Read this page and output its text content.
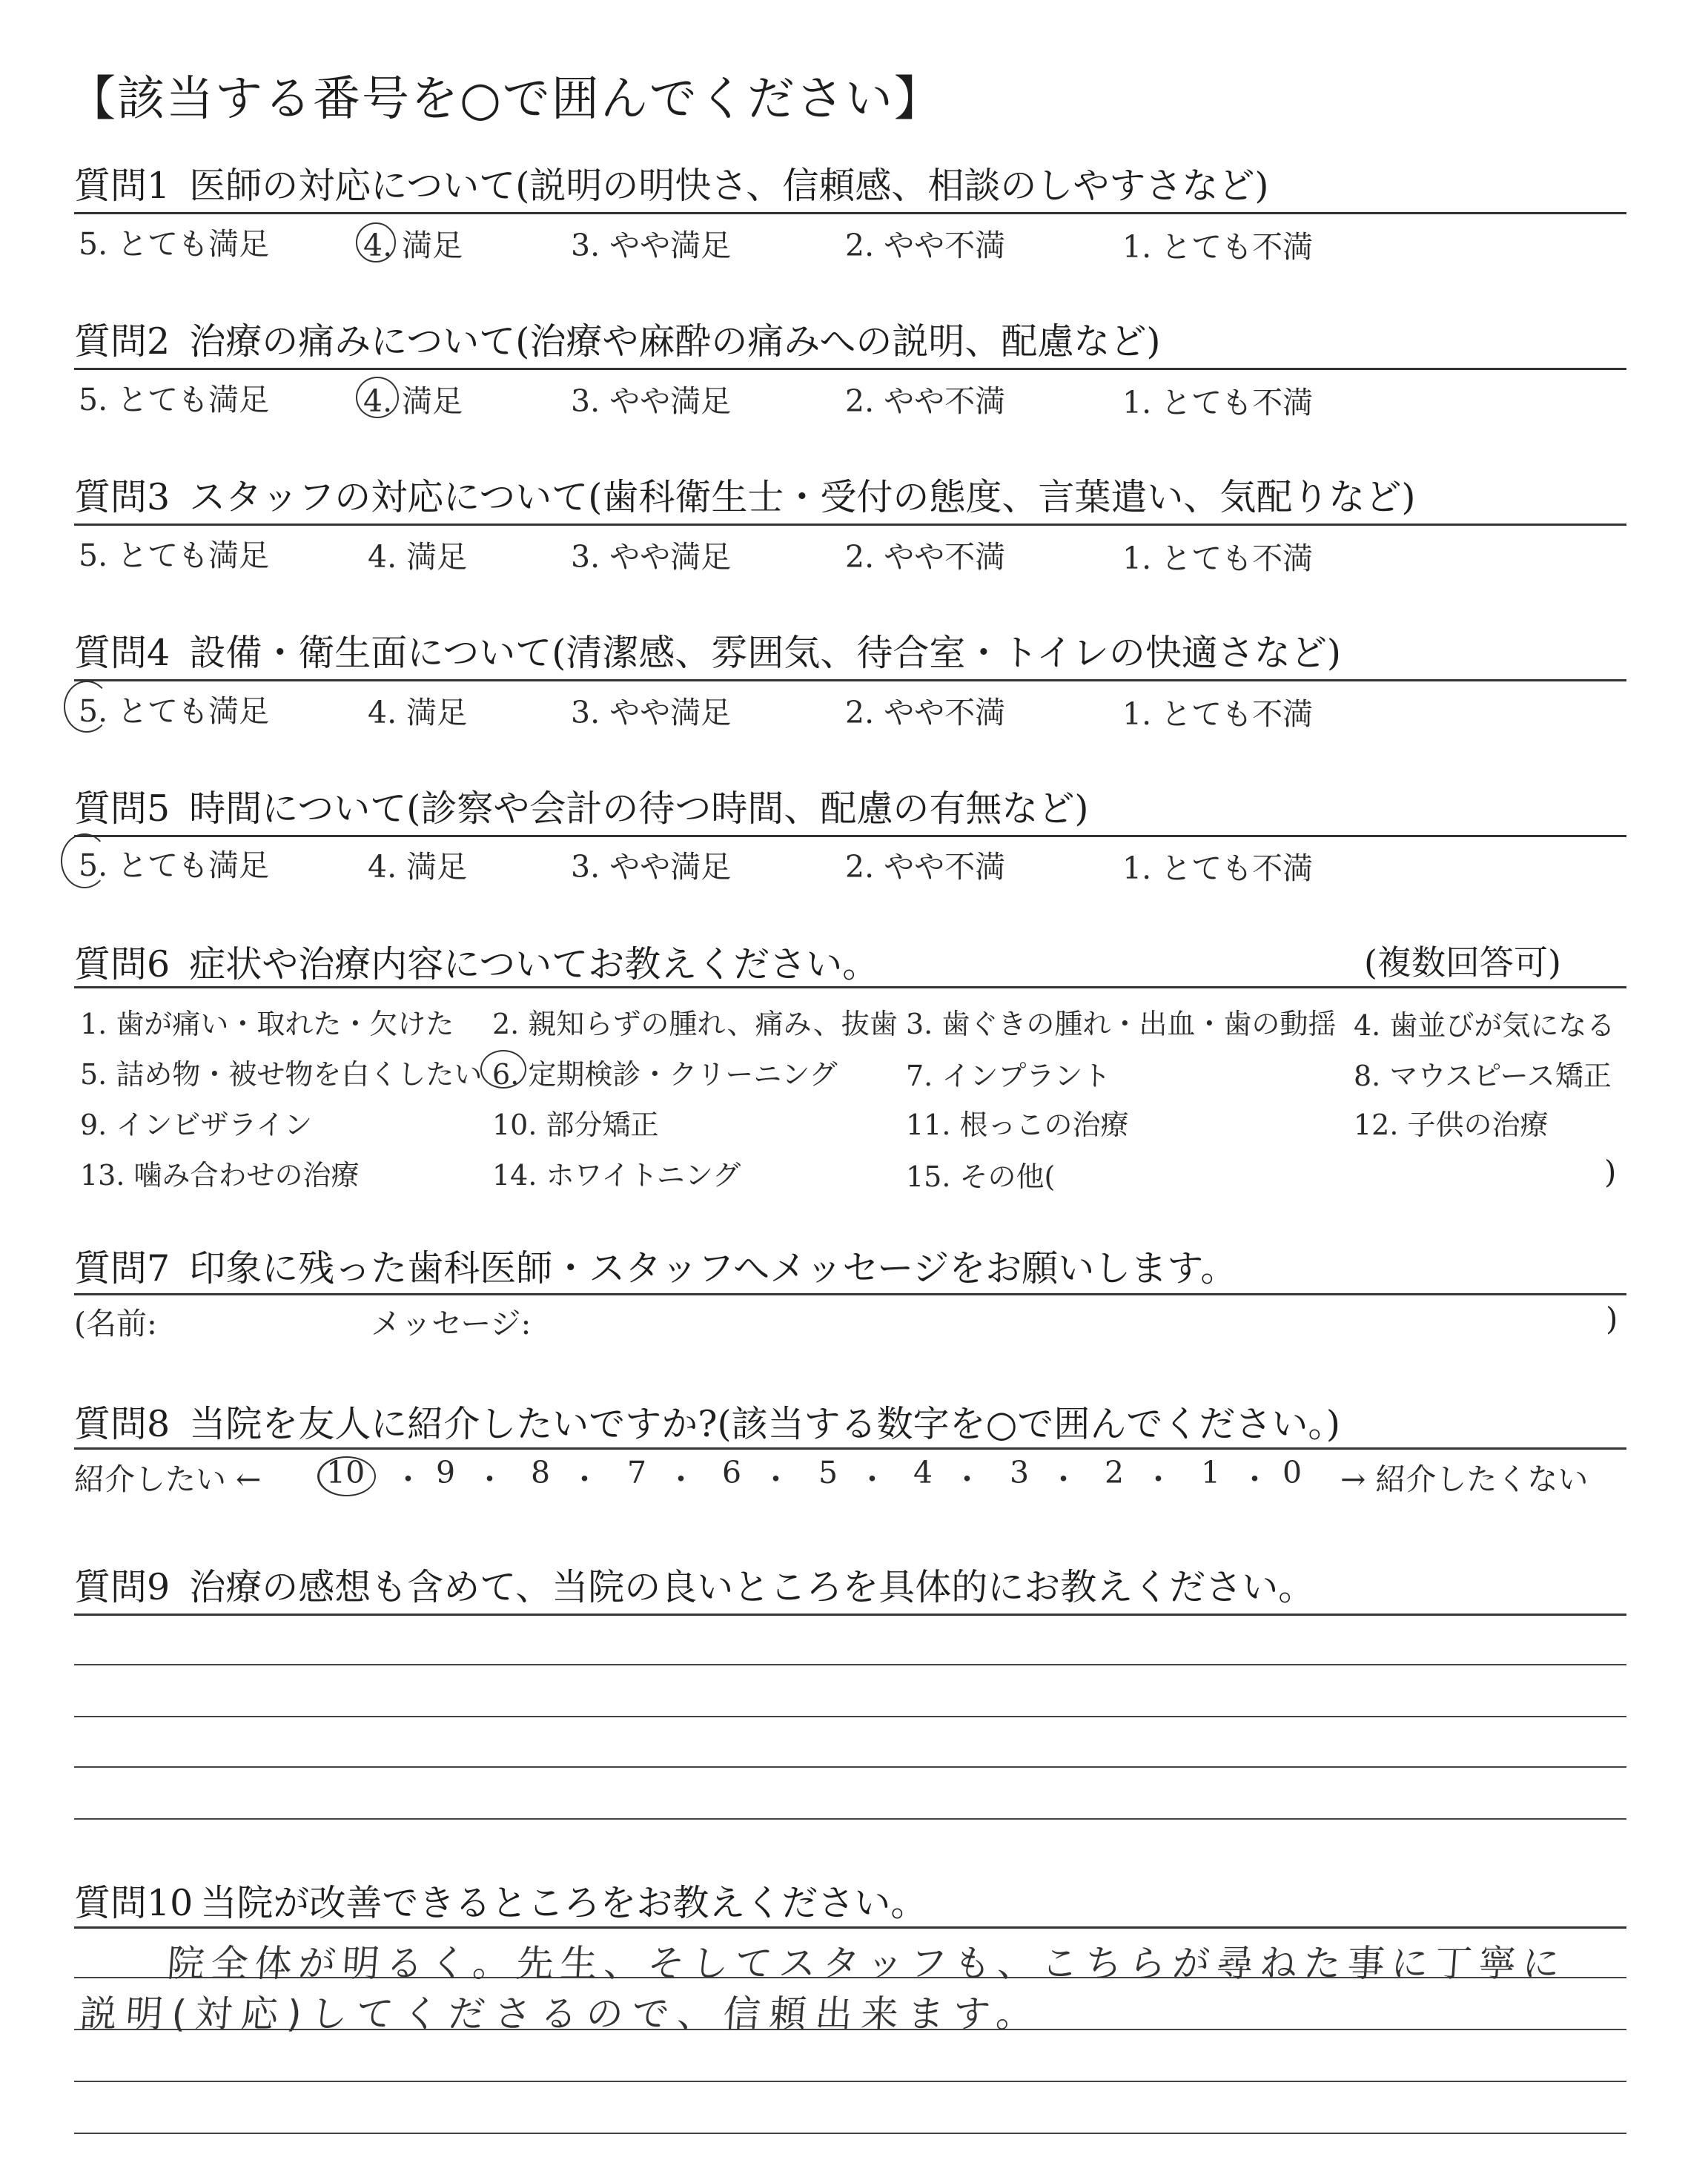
【該当する番号を○で囲んでください】
質問1 医師の対応について(説明の明快さ、信頼感、相談のしやすさなど)
5. とても満足	4. 満足	3. やや満足	2. やや不満	1. とても不満
質問2 治療の痛みについて(治療や麻酔の痛みへの説明、配慮など)
5. とても満足	4. 満足	3. やや満足	2. やや不満	1. とても不満
質問3 スタッフの対応について(歯科衛生士・受付の態度、言葉遣い、気配りなど)
5. とても満足	4. 満足	3. やや満足	2. やや不満	1. とても不満
質問4 設備・衛生面について(清潔感、雰囲気、待合室・トイレの快適さなど)
5. とても満足	4. 満足	3. やや満足	2. やや不満	1. とても不満
質問5 時間について(診察や会計の待つ時間、配慮の有無など)
5. とても満足	4. 満足	3. やや満足	2. やや不満	1. とても不満
質問6 症状や治療内容についてお教えください。	(複数回答可)
1. 歯が痛い・取れた・欠けた 2. 親知らずの腫れ、痛み、抜歯 3. 歯ぐきの腫れ・出血・歯の動揺 4. 歯並びが気になる
5. 詰め物・被せ物を白くしたい 6. 定期検診・クリーニング 7. インプラント	8. マウスピース矯正
9. インビザライン	10. 部分矯正	11. 根っこの治療	12. 子供の治療
13. 噛み合わせの治療	14. ホワイトニング	15. その他(	)
質問7 印象に残った歯科医師・スタッフへメッセージをお願いします。
(名前:	メッセージ:	)
質問8 当院を友人に紹介したいですか?(該当する数字を○で囲んでください。)
紹介したい ← 10 ・ 9 ・ 8 ・ 7 ・ 6 ・ 5 ・ 4 ・ 3 ・ 2 ・ 1 ・ 0 → 紹介したくない
質問9 治療の感想も含めて、当院の良いところを具体的にお教えください。
質問10 当院が改善できるところをお教えください。
院全体が明るく。先生、そしてスタッフも、こちらが尋ねた事に丁寧に
説明(対応)してくださるので、信頼出来ます。
